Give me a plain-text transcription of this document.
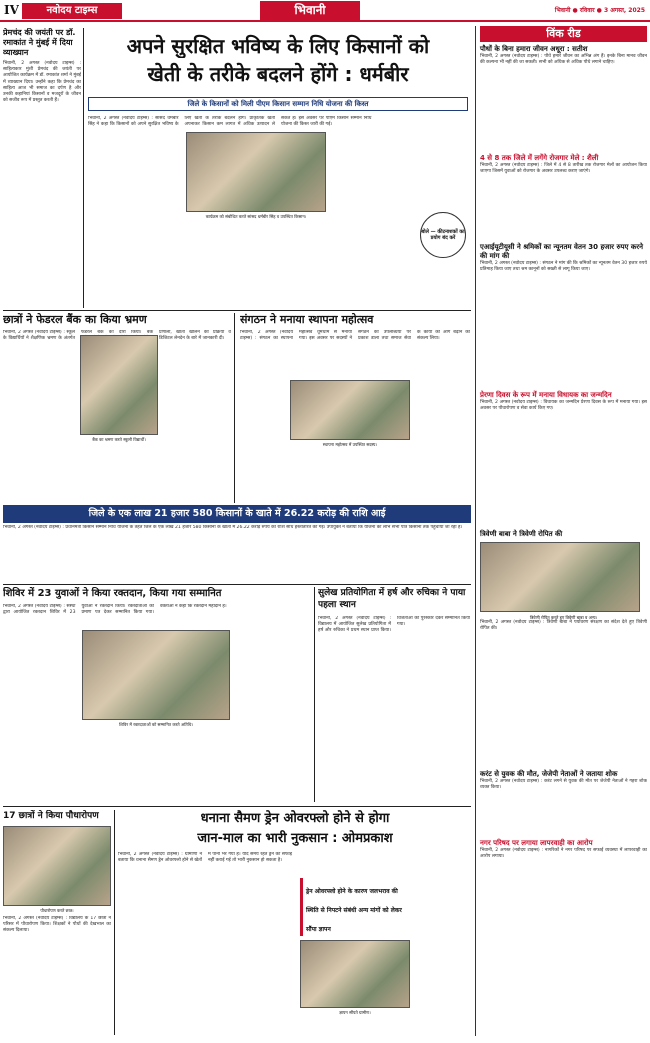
IV	नवोदय टाइम्स	भिवानी	भिवानी ● रविवार ● 3 अगस्त, 2025
प्रेमचंद की जयंती पर डॉ. रमाकांत ने मुंबई में दिया व्याख्यान
भिवानी, 2 अगस्त (नवोदय टाइम्स) : साहित्यकार मुंशी प्रेमचंद की जयंती पर आयोजित कार्यक्रम में डॉ. रमाकांत शर्मा ने मुंबई में व्याख्यान दिया। उन्होंने कहा कि प्रेमचंद का साहित्य आज भी समाज का दर्पण है और उनकी कहानियां किसानों व मजदूरों के जीवन को सजीव रूप में प्रस्तुत करती हैं।
अपने सुरक्षित भविष्य के लिए किसानों को
खेती के तरीके बदलने होंगे : धर्मबीर
जिले के किसानों को मिली पीएम किसान सम्मान निधि योजना की किस्त
भिवानी, 2 अगस्त (नवोदय टाइम्स) : सांसद धर्मबीर सिंह ने कहा कि किसानों को अपने सुरक्षित भविष्य के लिए खेती के तरीके बदलने होंगे। प्राकृतिक खेती अपनाकर किसान कम लागत में अधिक उत्पादन ले सकते हैं। इस अवसर पर पीएम किसान सम्मान निधि योजना की किस्त जारी की गई।
कार्यक्रम को संबोधित करते सांसद धर्मबीर सिंह व उपस्थित किसान।
बोले — कीटनाशकों का प्रयोग बंद करें
विंक रीड
पौधों के बिना हमारा जीवन अधूरा : सतीश
भिवानी, 2 अगस्त (नवोदय टाइम्स) : पौधे हमारे जीवन का अभिन्न अंग हैं। इनके बिना मानव जीवन की कल्पना भी नहीं की जा सकती। सभी को अधिक से अधिक पौधे लगाने चाहिए।
4 से 8 तक जिले में लगेंगे रोजगार मेले : शैली
भिवानी, 2 अगस्त (नवोदय टाइम्स) : जिले में 4 से 8 तारीख तक रोजगार मेलों का आयोजन किया जाएगा जिसमें युवाओं को रोजगार के अवसर उपलब्ध कराए जाएंगे।
एआईयूटीयूसी ने श्रमिकों का न्यूनतम वेतन 30 हजार रुपए करने की मांग की
भिवानी, 2 अगस्त (नवोदय टाइम्स) : संगठन ने मांग की कि श्रमिकों का न्यूनतम वेतन 30 हजार रुपये प्रतिमाह किया जाए तथा श्रम कानूनों को सख्ती से लागू किया जाए।
प्रेरणा दिवस के रूप में मनाया विधायक का जन्मदिन
भिवानी, 2 अगस्त (नवोदय टाइम्स) : विधायक का जन्मदिन प्रेरणा दिवस के रूप में मनाया गया। इस अवसर पर पौधारोपण व सेवा कार्य किए गए।
त्रिवेणी बाबा ने त्रिवेणी रोपित की
त्रिवेणी रोपित करते हुए त्रिवेणी बाबा व अन्य।
भिवानी, 2 अगस्त (नवोदय टाइम्स) : त्रिवेणी बाबा ने पर्यावरण संरक्षण का संदेश देते हुए त्रिवेणी रोपित की।
करंट से युवक की मौत, जेजेपी नेताओं ने जताया शोक
भिवानी, 2 अगस्त (नवोदय टाइम्स) : करंट लगने से युवक की मौत पर जेजेपी नेताओं ने गहरा शोक व्यक्त किया।
नगर परिषद पर लगाया लापरवाही का आरोप
भिवानी, 2 अगस्त (नवोदय टाइम्स) : नागरिकों ने नगर परिषद पर सफाई व्यवस्था में लापरवाही का आरोप लगाया।
छात्रों ने फेडरल बैंक का किया भ्रमण
भिवानी, 2 अगस्त (नवोदय टाइम्स) : स्कूल के विद्यार्थियों ने शैक्षणिक भ्रमण के अंतर्गत फेडरल बैंक का दौरा किया। बैंक प्रणाली, खाता खोलने की प्रक्रिया व डिजिटल लेनदेन के बारे में जानकारी दी।
बैंक का भ्रमण करते स्कूली विद्यार्थी।
संगठन ने मनाया स्थापना महोत्सव
भिवानी, 2 अगस्त (नवोदय टाइम्स) : संगठन का स्थापना महोत्सव धूमधाम से मनाया गया। इस अवसर पर सदस्यों ने संगठन की उपलब्धियों पर प्रकाश डाला तथा समाज सेवा के कार्यों को आगे बढ़ाने का संकल्प लिया।
स्थापना महोत्सव में उपस्थित सदस्य।
जिले के एक लाख 21 हजार 580 किसानों के खाते में 26.22 करोड़ की राशि आई
भिवानी, 2 अगस्त (नवोदय टाइम्स) : प्रधानमंत्री किसान सम्मान निधि योजना के तहत जिले के एक लाख 21 हजार 580 किसानों के खातों में 26.22 करोड़ रुपये की राशि सीधे हस्तांतरित की गई। उपायुक्त ने बताया कि योजना का लाभ सभी पात्र किसानों तक पहुंचाया जा रहा है।
शिविर में 23 युवाओं ने किया रक्तदान, किया गया सम्मानित
भिवानी, 2 अगस्त (नवोदय टाइम्स) : संस्था द्वारा आयोजित रक्तदान शिविर में 23 युवाओं ने रक्तदान किया। रक्तदाताओं को प्रमाण पत्र देकर सम्मानित किया गया। वक्ताओं ने कहा कि रक्तदान महादान है।
शिविर में रक्तदाताओं को सम्मानित करते अतिथि।
सुलेख प्रतियोगिता में हर्ष और रुचिका ने पाया पहला स्थान
भिवानी, 2 अगस्त (नवोदय टाइम्स) : विद्यालय में आयोजित सुलेख प्रतियोगिता में हर्ष और रुचिका ने प्रथम स्थान प्राप्त किया। विजेताओं को पुरस्कार देकर सम्मानित किया गया।
17 छात्रों ने किया पौधारोपण
पौधारोपण करते छात्र।
भिवानी, 2 अगस्त (नवोदय टाइम्स) : विद्यालय के 17 छात्रों ने परिसर में पौधारोपण किया। शिक्षकों ने पौधों की देखभाल का संकल्प दिलाया।
धनाना सैमण ड्रेन ओवरफ्लो होने से होगा
जान-माल का भारी नुकसान : ओमप्रकाश
भिवानी, 2 अगस्त (नवोदय टाइम्स) : ग्रामीणों ने बताया कि धनाना सैमण ड्रेन ओवरफ्लो होने से खेतों में पानी भर गया है। यदि समय रहते ड्रेन की सफाई नहीं कराई गई तो भारी नुकसान हो सकता है।
ज्ञापन सौंपते ग्रामीण।
ड्रेन ओवरफ्लो होने के कारण जलभराव की स्थिति से निपटने संबंधी अन्य मांगों को लेकर सौंपा ज्ञापन
